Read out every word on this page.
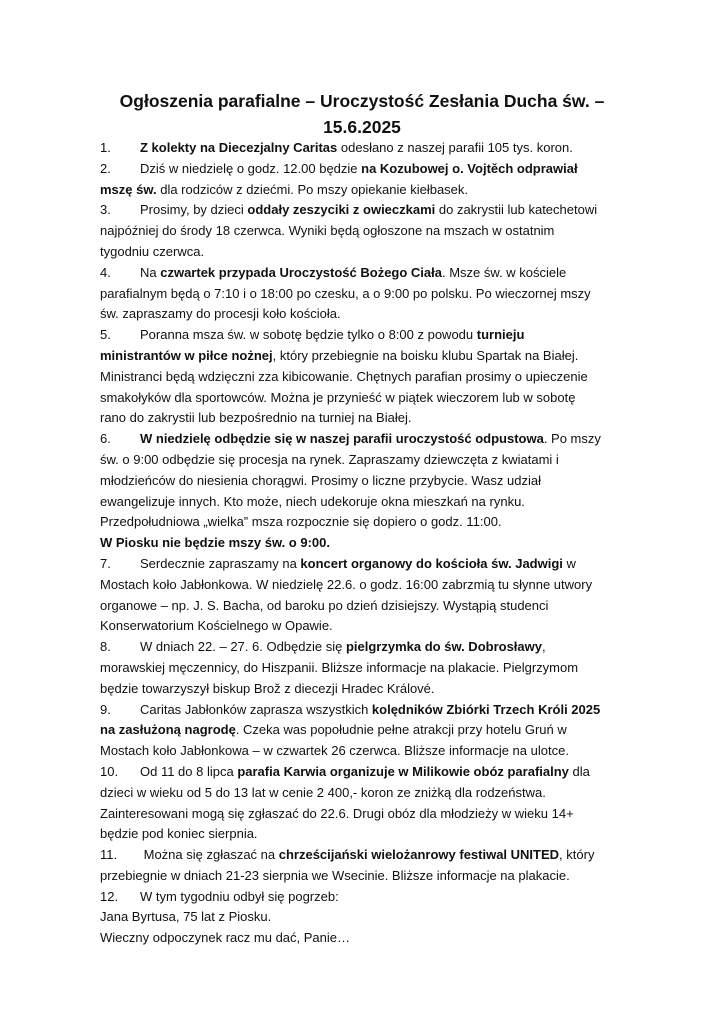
Ogłoszenia parafialne – Uroczystość Zesłania Ducha św. –
15.6.2025

1. Z kolekty na Diecezjalny Caritas odesłano z naszej parafii 105 tys. koron.

2. Dziś w niedzielę o godz. 12.00 będzie na Kozubowej o. Vojtěch odprawiał

mszę św. dla rodziców z dziećmi. Po mszy opiekanie kiełbasek.

3. Prosimy, by dzieci oddały zeszyciki z owieczkami do zakrystii lub katechetowi

najpóźniej do środy 18 czerwca. Wyniki będą ogłoszone na mszach w ostatnim

tygodniu czerwca.

4. Na czwartek przypada Uroczystość Bożego Ciała. Msze św. w kościele

parafialnym będą o 7:10 i o 18:00 po czesku, a o 9:00 po polsku. Po wieczornej mszy

św. zapraszamy do procesji koło kościoła.

5. Poranna msza św. w sobotę będzie tylko o 8:00 z powodu turnieju

ministrantów w piłce nożnej, który przebiegnie na boisku klubu Spartak na Białej.

Ministranci będą wdzięczni zza kibicowanie. Chętnych parafian prosimy o upieczenie

smakołyków dla sportowców. Można je przynieść w piątek wieczorem lub w sobotę

rano do zakrystii lub bezpośrednio na turniej na Białej.

6. W niedzielę odbędzie się w naszej parafii uroczystość odpustowa. Po mszy

św. o 9:00 odbędzie się procesja na rynek. Zapraszamy dziewczęta z kwiatami i

młodzieńców do niesienia chorągwi. Prosimy o liczne przybycie. Wasz udział

ewangelizuje innych. Kto może, niech udekoruje okna mieszkań na rynku.

Przedpołudniowa „wielka” msza rozpocznie się dopiero o godz. 11:00.

W Piosku nie będzie mszy św. o 9:00.

7. Serdecznie zapraszamy na koncert organowy do kościoła św. Jadwigi w

Mostach koło Jabłonkowa. W niedzielę 22.6. o godz. 16:00 zabrzmią tu słynne utwory

organowe – np. J. S. Bacha, od baroku po dzień dzisiejszy. Wystąpią studenci

Konserwatorium Kościelnego w Opawie.

8. W dniach 22. – 27. 6. Odbędzie się pielgrzymka do św. Dobrosławy,

morawskiej męczennicy, do Hiszpanii. Bliższe informacje na plakacie. Pielgrzymom

będzie towarzyszył biskup Brož z diecezji Hradec Králové.

9. Caritas Jabłonków zaprasza wszystkich kolędników Zbiórki Trzech Króli 2025

na zasłużoną nagrodę. Czeka was popołudnie pełne atrakcji przy hotelu Gruń w

Mostach koło Jabłonkowa – w czwartek 26 czerwca. Bliższe informacje na ulotce.

10. Od 11 do 8 lipca parafia Karwia organizuje w Milikowie obóz parafialny dla

dzieci w wieku od 5 do 13 lat w cenie 2 400,- koron ze zniżką dla rodzeństwa.

Zainteresowani mogą się zgłaszać do 22.6. Drugi obóz dla młodzieży w wieku 14+

będzie pod koniec sierpnia.

11. Można się zgłaszać na chrześcijański wielożanrowy festiwal UNITED, który

przebiegnie w dniach 21-23 sierpnia we Wsecinie. Bliższe informacje na plakacie.

12. W tym tygodniu odbył się pogrzeb:

Jana Byrtusa, 75 lat z Piosku.

Wieczny odpoczynek racz mu dać, Panie…
